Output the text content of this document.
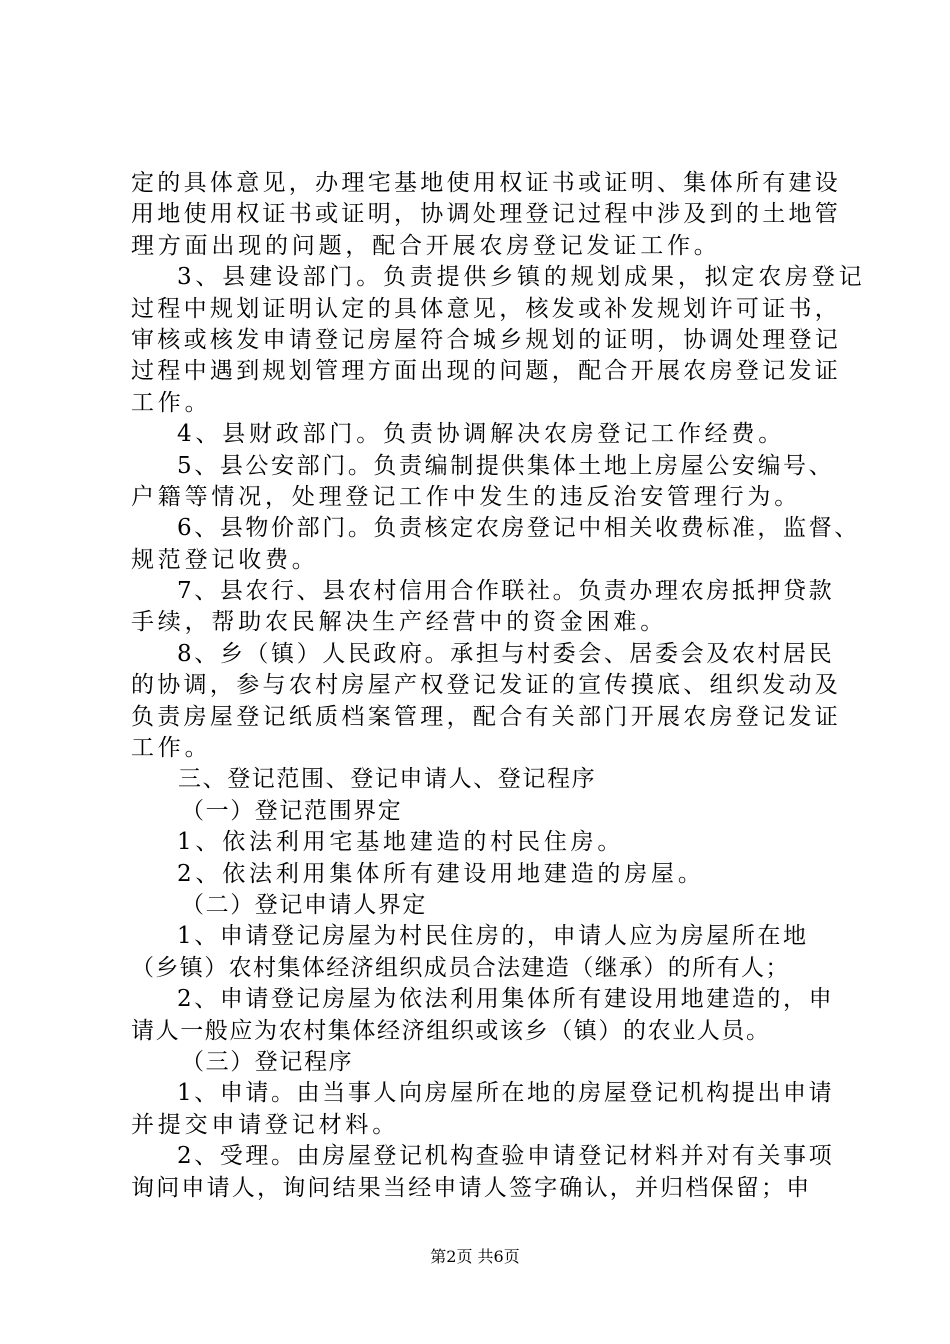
定的具体意见，办理宅基地使用权证书或证明、集体所有建设
用地使用权证书或证明，协调处理登记过程中涉及到的土地管
理方面出现的问题，配合开展农房登记发证工作。
3、县建设部门。负责提供乡镇的规划成果，拟定农房登记
过程中规划证明认定的具体意见，核发或补发规划许可证书，
审核或核发申请登记房屋符合城乡规划的证明，协调处理登记
过程中遇到规划管理方面出现的问题，配合开展农房登记发证
工作。
4、县财政部门。负责协调解决农房登记工作经费。
5、县公安部门。负责编制提供集体土地上房屋公安编号、
户籍等情况，处理登记工作中发生的违反治安管理行为。
6、县物价部门。负责核定农房登记中相关收费标准，监督、
规范登记收费。
7、县农行、县农村信用合作联社。负责办理农房抵押贷款
手续，帮助农民解决生产经营中的资金困难。
8、乡（镇）人民政府。承担与村委会、居委会及农村居民
的协调，参与农村房屋产权登记发证的宣传摸底、组织发动及
负责房屋登记纸质档案管理，配合有关部门开展农房登记发证
工作。
三、登记范围、登记申请人、登记程序
（一）登记范围界定
1、依法利用宅基地建造的村民住房。
2、依法利用集体所有建设用地建造的房屋。
（二）登记申请人界定
1、申请登记房屋为村民住房的，申请人应为房屋所在地
（乡镇）农村集体经济组织成员合法建造（继承）的所有人；
2、申请登记房屋为依法利用集体所有建设用地建造的，申
请人一般应为农村集体经济组织或该乡（镇）的农业人员。
（三）登记程序
1、申请。由当事人向房屋所在地的房屋登记机构提出申请
并提交申请登记材料。
2、受理。由房屋登记机构查验申请登记材料并对有关事项
询问申请人，询问结果当经申请人签字确认，并归档保留；申
第2页 共6页
